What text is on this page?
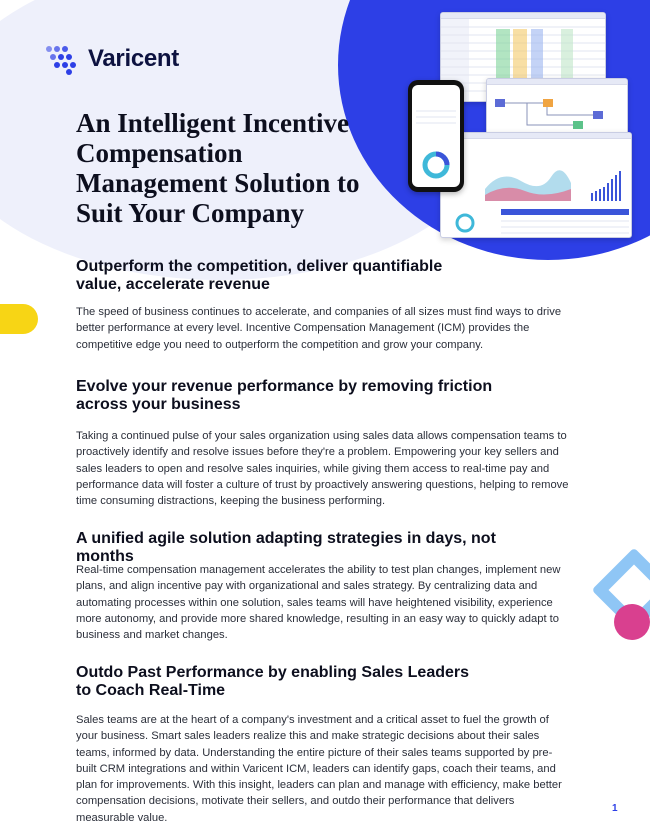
Varicent
An Intelligent Incentive Compensation Management Solution to Suit Your Company
Outperform the competition, deliver quantifiable value, accelerate revenue

The speed of business continues to accelerate, and companies of all sizes must find ways to drive better performance at every level. Incentive Compensation Management (ICM) provides the competitive edge you need to outperform the competition and grow your company.

Evolve your revenue performance by removing friction across your business

Taking a continued pulse of your sales organization using sales data allows compensation teams to proactively identify and resolve issues before they're a problem. Empowering your key sellers and sales leaders to open and resolve sales inquiries, while giving them access to real-time pay and performance data will foster a culture of trust by proactively answering questions, helping to remove time consuming distractions, keeping the business performing.

A unified agile solution adapting strategies in days, not months

Real-time compensation management accelerates the ability to test plan changes, implement new plans, and align incentive pay with organizational and sales strategy. By centralizing data and automating processes within one solution, sales teams will have heightened visibility, experience more autonomy, and provide more shared knowledge, resulting in an easy way to quickly adapt to business and market changes.

Outdo Past Performance by enabling Sales Leaders to Coach Real-Time

Sales teams are at the heart of a company's investment and a critical asset to fuel the growth of your business. Smart sales leaders realize this and make strategic decisions about their sales teams, informed by data. Understanding the entire picture of their sales teams supported by pre-built CRM integrations and within Varicent ICM, leaders can identify gaps, coach their teams, and plan for improvements. With this insight, leaders can plan and manage with efficiency, make better compensation decisions, motivate their sellers, and outdo their performance that delivers measurable value.

1
